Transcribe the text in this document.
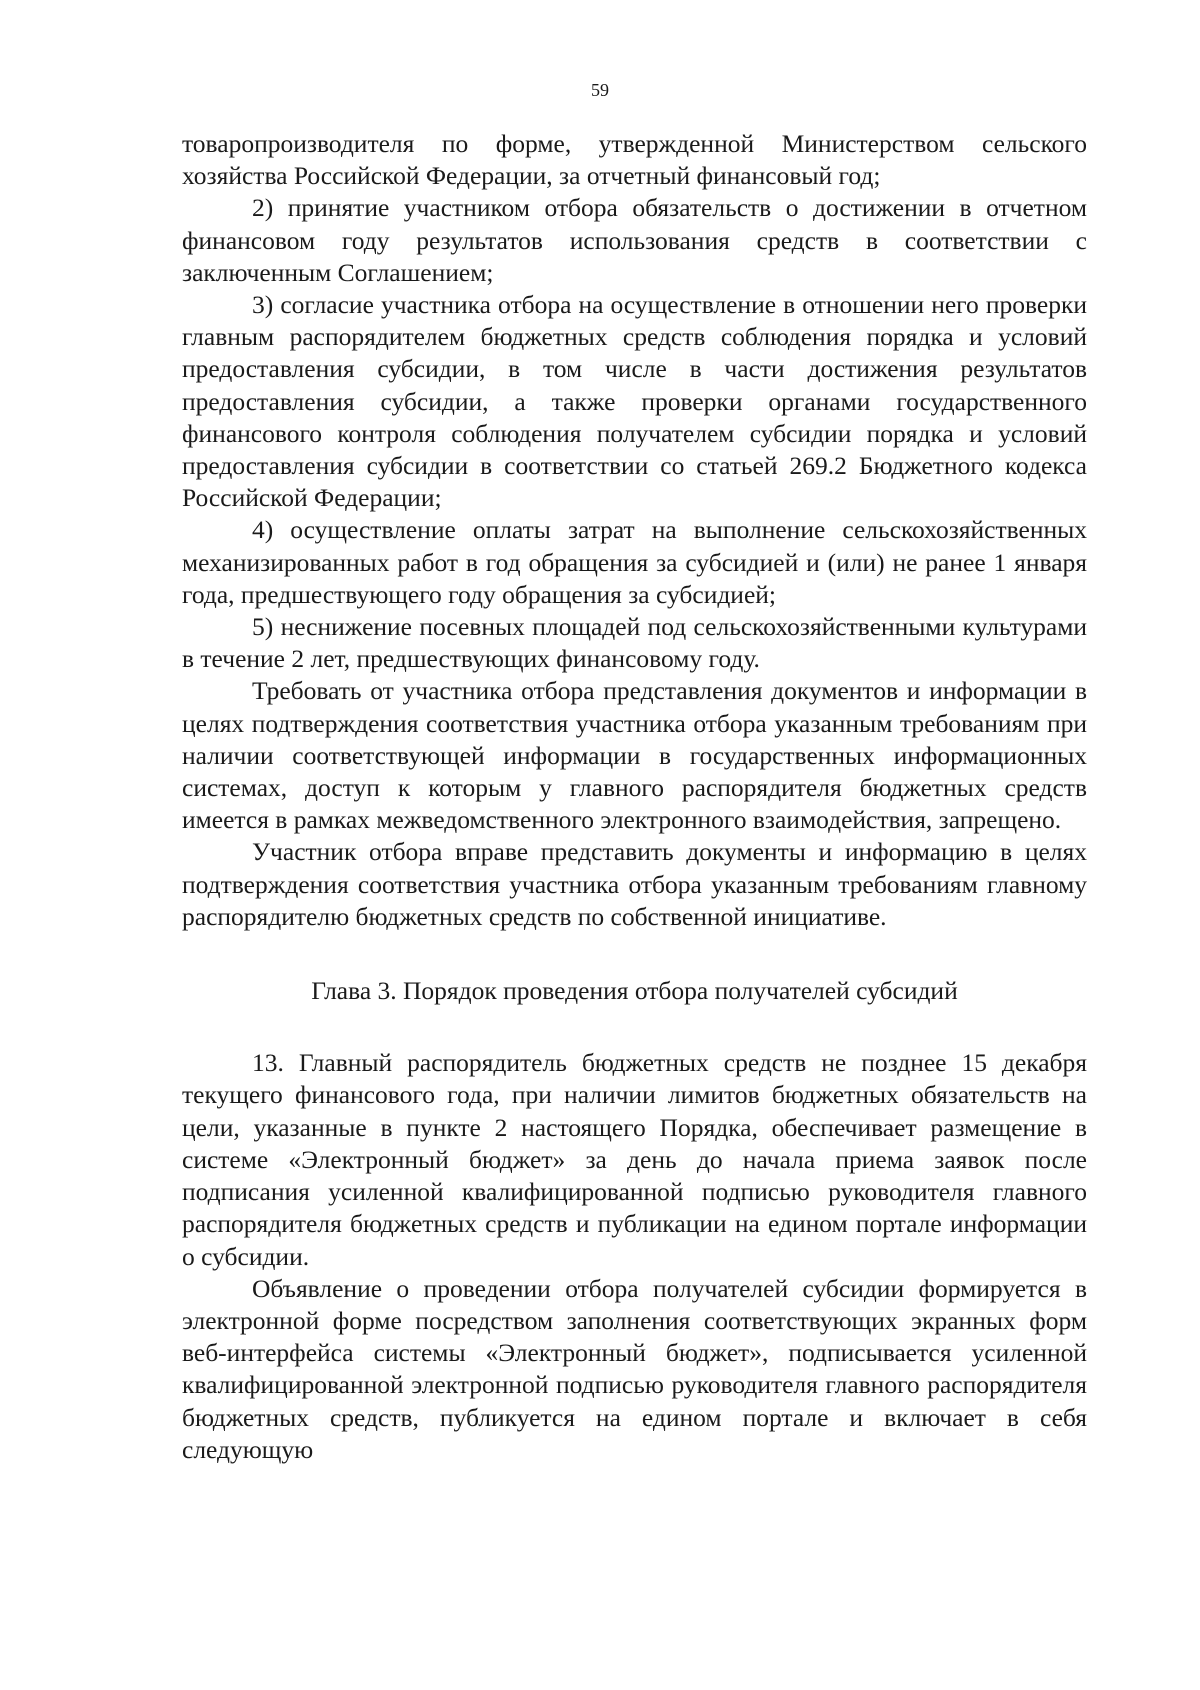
59

товаропроизводителя по форме, утвержденной Министерством сельского хозяйства Российской Федерации, за отчетный финансовый год;

2) принятие участником отбора обязательств о достижении в отчетном финансовом году результатов использования средств в соответствии с заключенным Соглашением;

3) согласие участника отбора на осуществление в отношении него проверки главным распорядителем бюджетных средств соблюдения порядка и условий предоставления субсидии, в том числе в части достижения результатов предоставления субсидии, а также проверки органами государственного финансового контроля соблюдения получателем субсидии порядка и условий предоставления субсидии в соответствии со статьей 269.2 Бюджетного кодекса Российской Федерации;

4) осуществление оплаты затрат на выполнение сельскохозяйственных механизированных работ в год обращения за субсидией и (или) не ранее 1 января года, предшествующего году обращения за субсидией;

5) неснижение посевных площадей под сельскохозяйственными культурами в течение 2 лет, предшествующих финансовому году.

Требовать от участника отбора представления документов и информации в целях подтверждения соответствия участника отбора указанным требованиям при наличии соответствующей информации в государственных информационных системах, доступ к которым у главного распорядителя бюджетных средств имеется в рамках межведомственного электронного взаимодействия, запрещено.

Участник отбора вправе представить документы и информацию в целях подтверждения соответствия участника отбора указанным требованиям главному распорядителю бюджетных средств по собственной инициативе.

Глава 3. Порядок проведения отбора получателей субсидий

13. Главный распорядитель бюджетных средств не позднее 15 декабря текущего финансового года, при наличии лимитов бюджетных обязательств на цели, указанные в пункте 2 настоящего Порядка, обеспечивает размещение в системе «Электронный бюджет» за день до начала приема заявок после подписания усиленной квалифицированной подписью руководителя главного распорядителя бюджетных средств и публикации на едином портале информации о субсидии.

Объявление о проведении отбора получателей субсидии формируется в электронной форме посредством заполнения соответствующих экранных форм веб-интерфейса системы «Электронный бюджет», подписывается усиленной квалифицированной электронной подписью руководителя главного распорядителя бюджетных средств, публикуется на едином портале и включает в себя следующую
